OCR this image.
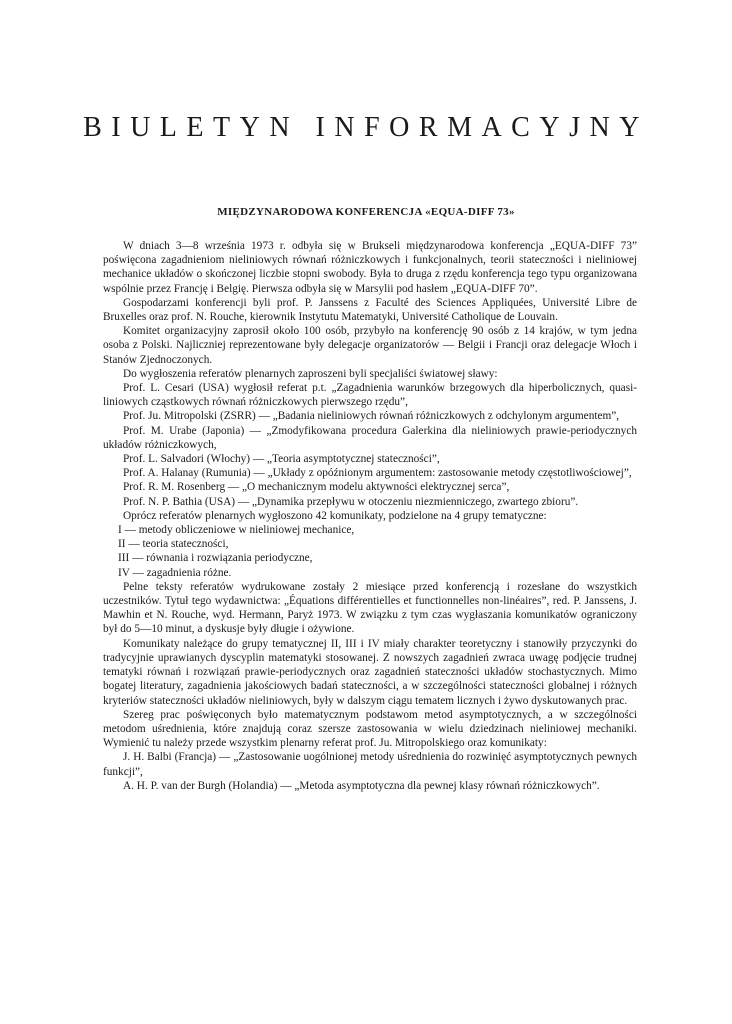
BIULETYN INFORMACYJNY
MIĘDZYNARODOWA KONFERENCJA «EQUA-DIFF 73»

W dniach 3—8 września 1973 r. odbyła się w Brukseli międzynarodowa konferencja „EQUA-DIFF 73” poświęcona zagadnieniom nieliniowych równań różniczkowych i funkcjonalnych, teorii stateczności i nieliniowej mechanice układów o skończonej liczbie stopni swobody. Była to druga z rzędu konferencja tego typu organizowana wspólnie przez Francję i Belgię. Pierwsza odbyła się w Marsylii pod hasłem „EQUA-DIFF 70”.

Gospodarzami konferencji byli prof. P. Janssens z Faculté des Sciences Appliquées, Université Libre de Bruxelles oraz prof. N. Rouche, kierownik Instytutu Matematyki, Université Catholique de Louvain.

Komitet organizacyjny zaprosił około 100 osób, przybyło na konferencję 90 osób z 14 krajów, w tym jedna osoba z Polski. Najliczniej reprezentowane były delegacje organizatorów — Belgii i Francji oraz delegacje Włoch i Stanów Zjednoczonych.

Do wygłoszenia referatów plenarnych zaproszeni byli specjaliści światowej sławy:

Prof. L. Cesari (USA) wygłosił referat p.t. „Zagadnienia warunków brzegowych dla hiperbolicznych, quasi-liniowych cząstkowych równań różniczkowych pierwszego rzędu”,

Prof. Ju. Mitropolski (ZSRR) — „Badania nieliniowych równań różniczkowych z odchylonym argumentem”,

Prof. M. Urabe (Japonia) — „Zmodyfikowana procedura Galerkina dla nieliniowych prawie-periodycznych układów różniczkowych,

Prof. L. Salvadori (Włochy) — „Teoria asymptotycznej stateczności”,

Prof. A. Halanay (Rumunia) — „Układy z opóźnionym argumentem: zastosowanie metody częstotliwościowej”,

Prof. R. M. Rosenberg — „O mechanicznym modelu aktywności elektrycznej serca”,

Prof. N. P. Bathia (USA) — „Dynamika przepływu w otoczeniu niezmienniczego, zwartego zbioru”.

Oprócz referatów plenarnych wygłoszono 42 komunikaty, podzielone na 4 grupy tematyczne:

I — metody obliczeniowe w nieliniowej mechanice,

II — teoria stateczności,

III — równania i rozwiązania periodyczne,

IV — zagadnienia różne.

Pelne teksty referatów wydrukowane zostały 2 miesiące przed konferencją i rozesłane do wszystkich uczestników. Tytuł tego wydawnictwa: „Équations différentielles et functionnelles non-linéaires”, red. P. Janssens, J. Mawhin et N. Rouche, wyd. Hermann, Paryż 1973. W związku z tym czas wygłaszania komunikatów ograniczony był do 5—10 minut, a dyskusje były długie i ożywione.

Komunikaty należące do grupy tematycznej II, III i IV miały charakter teoretyczny i stanowiły przyczynki do tradycyjnie uprawianych dyscyplin matematyki stosowanej. Z nowszych zagadnień zwraca uwagę podjęcie trudnej tematyki równań i rozwiązań prawie-periodycznych oraz zagadnień stateczności układów stochastycznych. Mimo bogatej literatury, zagadnienia jakościowych badań stateczności, a w szczególności stateczności globalnej i różnych kryteriów stateczności układów nieliniowych, były w dalszym ciągu tematem licznych i żywo dyskutowanych prac.

Szereg prac poświęconych było matematycznym podstawom metod asymptotycznych, a w szczególności metodom uśrednienia, które znajdują coraz szersze zastosowania w wielu dziedzinach nieliniowej mechaniki. Wymienić tu należy przede wszystkim plenarny referat prof. Ju. Mitropolskiego oraz komunikaty:

J. H. Balbi (Francja) — „Zastosowanie uogólnionej metody uśrednienia do rozwinięć asymptotycznych pewnych funkcji”,

A. H. P. van der Burgh (Holandia) — „Metoda asymptotyczna dla pewnej klasy równań różniczkowych”.
